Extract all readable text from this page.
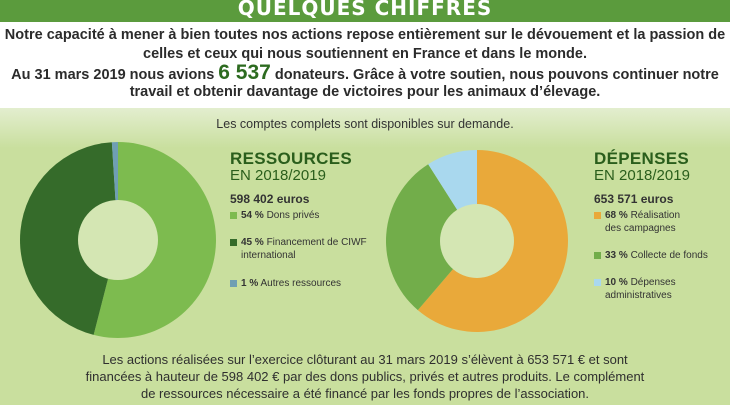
QUELQUES CHIFFRES
Notre capacité à mener à bien toutes nos actions repose entièrement sur le dévouement et la passion de
celles et ceux qui nous soutiennent en France et dans le monde.
Au 31 mars 2019 nous avions 6 537 donateurs. Grâce à votre soutien, nous pouvons continuer notre
travail et obtenir davantage de victoires pour les animaux d’élevage.
Les comptes complets sont disponibles sur demande.
RESSOURCES
EN 2018/2019
598 402 euros
54 % Dons privés
45 % Financement de CIWF
international
1 % Autres ressources
DÉPENSES
EN 2018/2019
653 571 euros
68 % Réalisation
des campagnes
33 % Collecte de fonds
10 % Dépenses
administratives
Les actions réalisées sur l’exercice clôturant au 31 mars 2019 s’élèvent à 653 571 € et sont
financées à hauteur de 598 402 € par des dons publics, privés et autres produits. Le complément
de ressources nécessaire a été financé par les fonds propres de l’association.
